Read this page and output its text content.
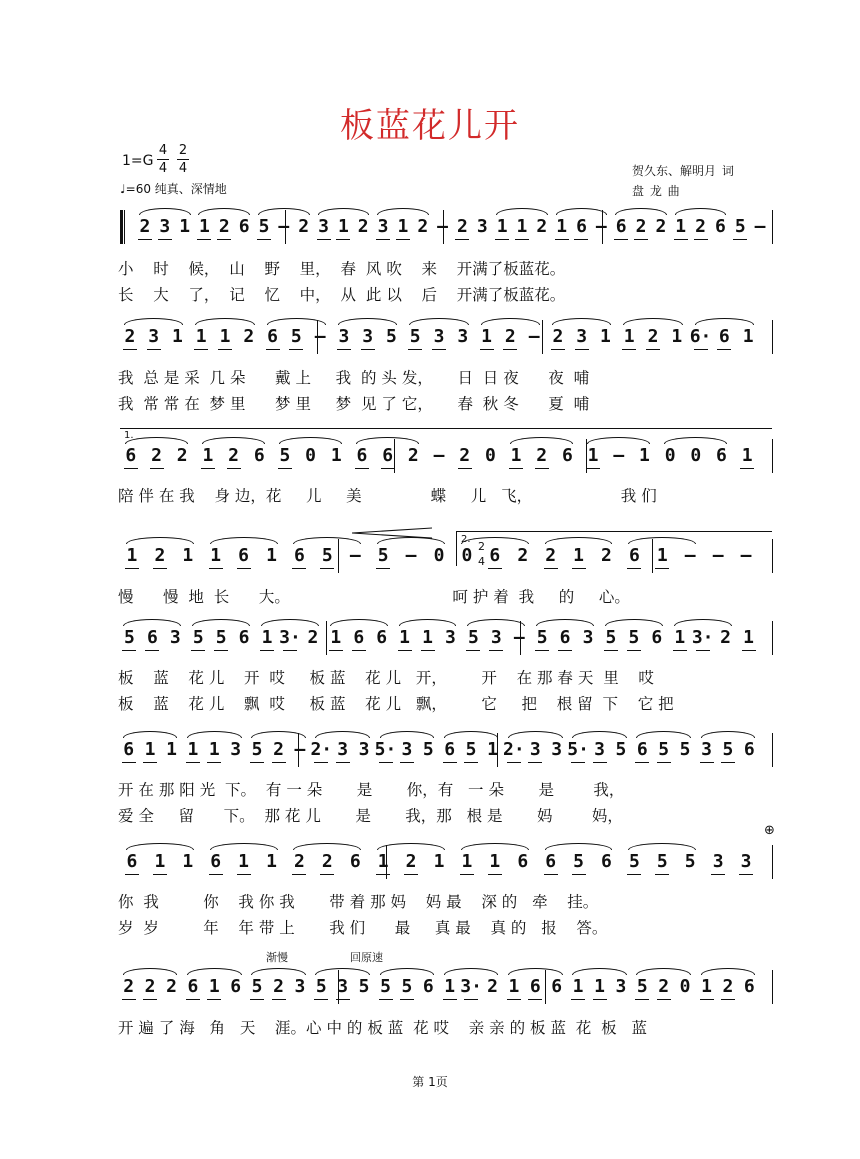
板蓝花儿开
1=G
4
4
2
4
♩=60 纯真、深情地
贺久东、解明月 词
盘 龙 曲
1.
2.
2
4
渐慢	回原速
⊕
第 1页
2 3 1 1 2 6 5 – 2 3 1 2 3 1 2 – 2 3 1 1 2 1 6 – 6 2 2 1 2 6 5 –
小    时    候，  山    野    里，  春  风 吹    来    开满了板蓝花。
长    大    了，  记    忆    中，  从  此 以    后    开满了板蓝花。
2 3 1 1 1 2 6 5 – 3 3 5 5 3 3 1 2 – 2 3 1 1 2 1 6· 6 1
我  总 是 采  几 朵      戴 上     我  的 头 发，     日  日 夜      夜  哺
我  常 常 在  梦 里      梦 里     梦  见 了 它，     春  秋 冬      夏  哺
6 2 2 1 2 6 5 0 1 6 6 2 – 2 0 1 2 6 1 – 1 0 0 6 1
陪 伴 在 我    身 边，花     儿     美              蝶     儿   飞，                  我 们
1 2 1 1 6 1 6 5 – 5 – 0 0 6 2 2 1 2 6 1 – – –
慢      慢  地  长      大。                                 呵 护 着  我     的     心。
5 6 3 5 5 6 1 3· 2 1 6 6 1 1 3 5 3 – 5 6 3 5 5 6 1 3· 2 1
板    蓝    花 儿    开  哎     板 蓝    花 儿   开，       开    在 那 春 天  里    哎
板    蓝    花 儿    飘  哎     板 蓝    花 儿   飘，       它     把    根 留  下    它 把
6 1 1 1 1 3 5 2 – 2· 3 3 5· 3 5 6 5 1 2· 3 3 5· 3 5 6 5 5 3 5 6
开 在 那 阳 光  下。  有 一 朵       是       你，有   一 朵       是        我，
爱 全     留      下。  那 花 儿       是       我，那   根 是       妈        妈，
6 1 1 6 1 1 2 2 6 1 2 1 1 1 6 6 5 6 5 5 5 3 3
你  我         你    我 你 我       带 着 那 妈    妈 最    深 的   牵    挂。
岁  岁         年    年 带 上       我 们      最     真 最    真 的   报    答。
2 2 2 6 1 6 5 2 3 5 3 5 5 5 6 1 3· 2 1 6 6 1 1 3 5 2 0 1 2 6
开 遍 了 海   角   天    涯。心 中 的 板 蓝  花 哎    亲 亲 的 板 蓝  花  板   蓝
